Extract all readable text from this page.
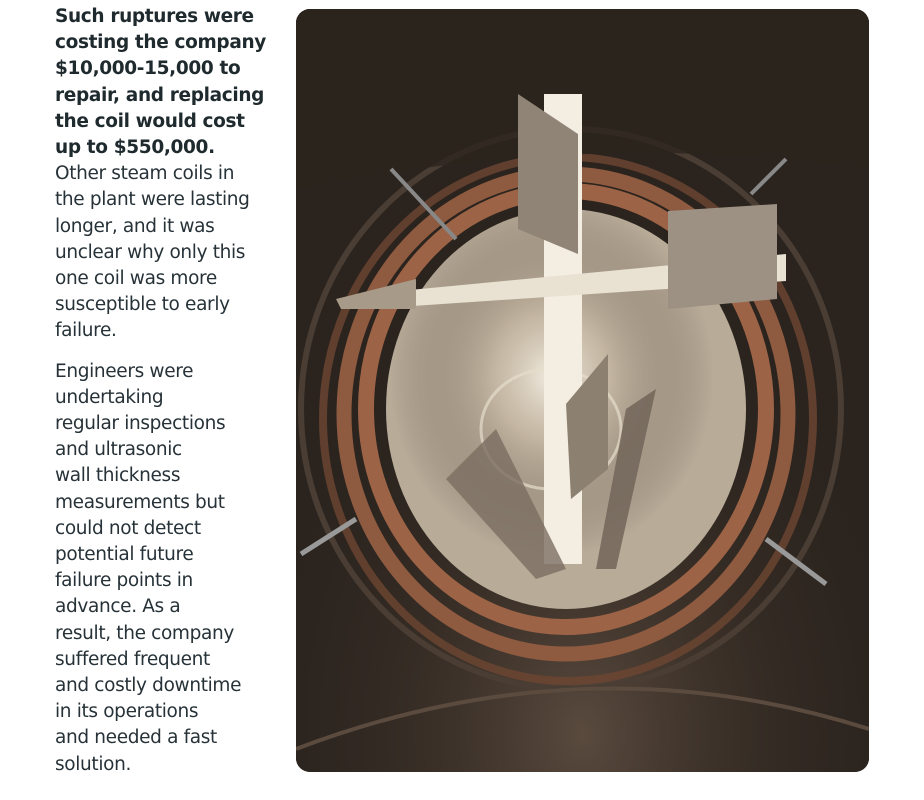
Such ruptures were
costing the company
$10,000-15,000 to
repair, and replacing
the coil would cost
up to $550,000.
Other steam coils in
the plant were lasting
longer, and it was
unclear why only this
one coil was more
susceptible to early
failure.

Engineers were
undertaking
regular inspections
and ultrasonic
wall thickness
measurements but
could not detect
potential future
failure points in
advance. As a
result, the company
suffered frequent
and costly downtime
in its operations
and needed a fast
solution.
